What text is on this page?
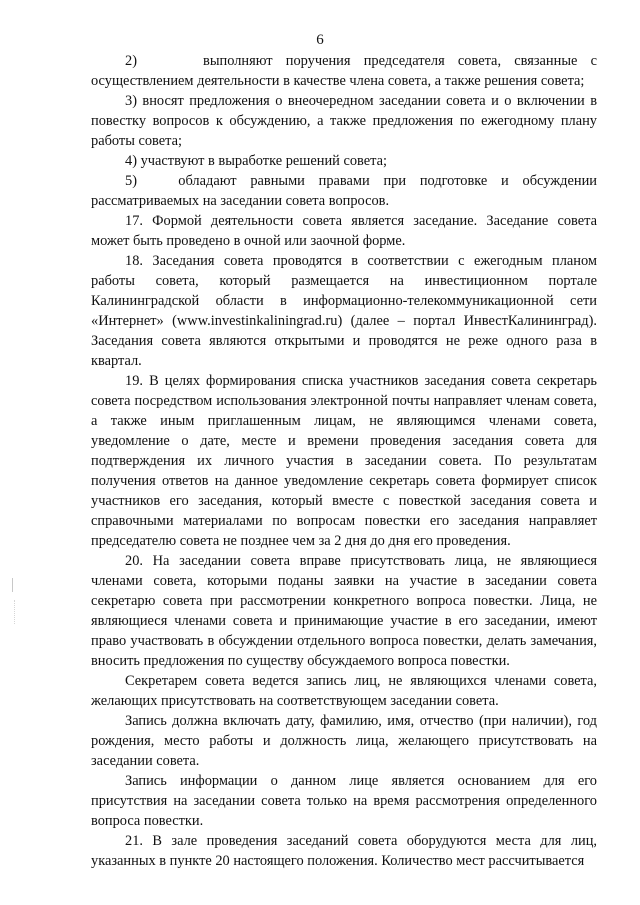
6

2)     выполняют поручения председателя совета, связанные с осуществлением деятельности в качестве члена совета, а также решения совета;

3) вносят предложения о внеочередном заседании совета и о включении в повестку вопросов к обсуждению, а также предложения по ежегодному плану работы совета;

4) участвуют в выработке решений совета;

5)   обладают равными правами при подготовке и обсуждении рассматриваемых на заседании совета вопросов.

17. Формой деятельности совета является заседание. Заседание совета может быть проведено в очной или заочной форме.

18. Заседания совета проводятся в соответствии с ежегодным планом работы совета, который размещается на инвестиционном портале Калининградской области в информационно-телекоммуникационной сети «Интернет» (www.investinkaliningrad.ru) (далее – портал ИнвестКалининград). Заседания совета являются открытыми и проводятся не реже одного раза в квартал.

19. В целях формирования списка участников заседания совета секретарь совета посредством использования электронной почты направляет членам совета, а также иным приглашенным лицам, не являющимся членами совета, уведомление о дате, месте и времени проведения заседания совета для подтверждения их личного участия в заседании совета. По результатам получения ответов на данное уведомление секретарь совета формирует список участников его заседания, который вместе с повесткой заседания совета и справочными материалами по вопросам повестки его заседания направляет председателю совета не позднее чем за 2 дня до дня его проведения.

20. На заседании совета вправе присутствовать лица, не являющиеся членами совета, которыми поданы заявки на участие в заседании совета секретарю совета при рассмотрении конкретного вопроса повестки. Лица, не являющиеся членами совета и принимающие участие в его заседании, имеют право участвовать в обсуждении отдельного вопроса повестки, делать замечания, вносить предложения по существу обсуждаемого вопроса повестки.

Секретарем совета ведется запись лиц, не являющихся членами совета, желающих присутствовать на соответствующем заседании совета.

Запись должна включать дату, фамилию, имя, отчество (при наличии), год рождения, место работы и должность лица, желающего присутствовать на заседании совета.

Запись информации о данном лице является основанием для его присутствия на заседании совета только на время рассмотрения определенного вопроса повестки.

21. В зале проведения заседаний совета оборудуются места для лиц, указанных в пункте 20 настоящего положения. Количество мест рассчитывается
